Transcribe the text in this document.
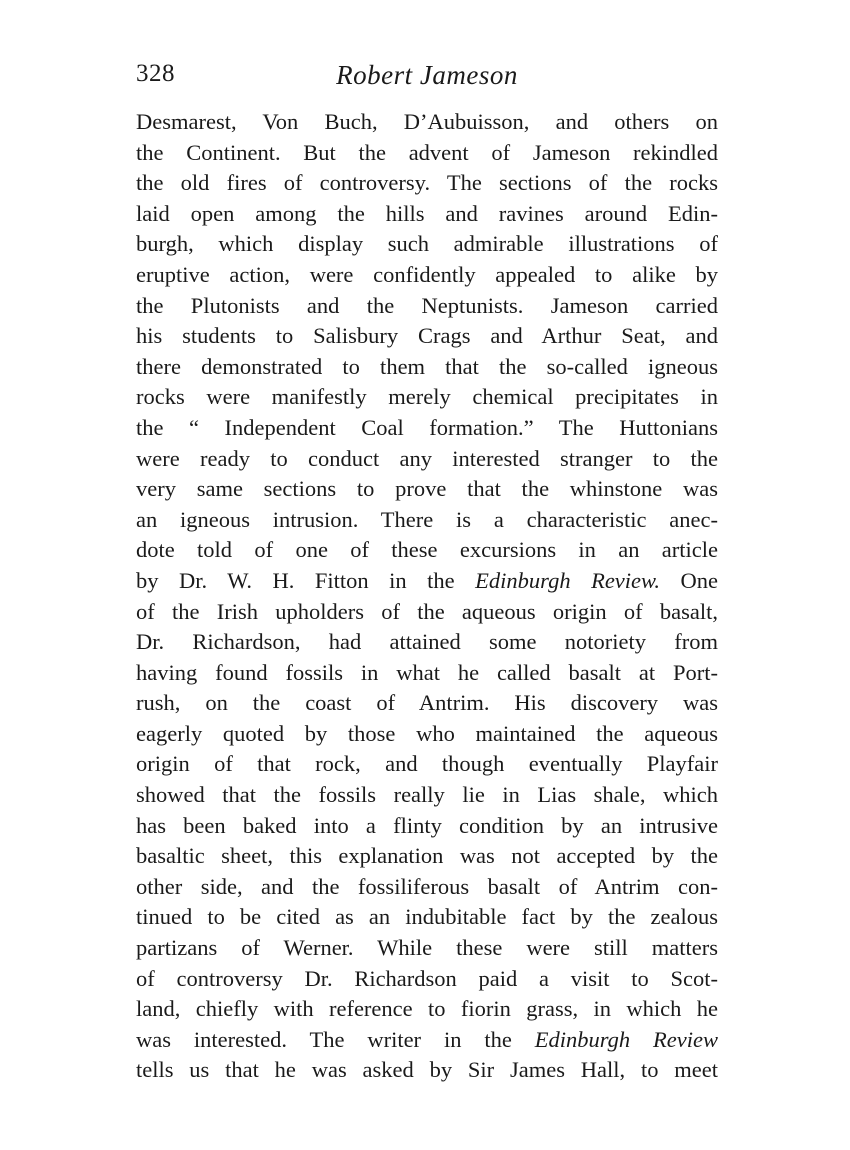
328	Robert Jameson
Desmarest, Von Buch, D’Aubuisson, and others on
the Continent. But the advent of Jameson rekindled
the old fires of controversy. The sections of the rocks
laid open among the hills and ravines around Edin-
burgh, which display such admirable illustrations of
eruptive action, were confidently appealed to alike by
the Plutonists and the Neptunists. Jameson carried
his students to Salisbury Crags and Arthur Seat, and
there demonstrated to them that the so-called igneous
rocks were manifestly merely chemical precipitates in
the “ Independent Coal formation.” The Huttonians
were ready to conduct any interested stranger to the
very same sections to prove that the whinstone was
an igneous intrusion. There is a characteristic anec-
dote told of one of these excursions in an article
by Dr. W. H. Fitton in the Edinburgh Review. One
of the Irish upholders of the aqueous origin of basalt,
Dr. Richardson, had attained some notoriety from
having found fossils in what he called basalt at Port-
rush, on the coast of Antrim. His discovery was
eagerly quoted by those who maintained the aqueous
origin of that rock, and though eventually Playfair
showed that the fossils really lie in Lias shale, which
has been baked into a flinty condition by an intrusive
basaltic sheet, this explanation was not accepted by the
other side, and the fossiliferous basalt of Antrim con-
tinued to be cited as an indubitable fact by the zealous
partizans of Werner. While these were still matters
of controversy Dr. Richardson paid a visit to Scot-
land, chiefly with reference to fiorin grass, in which he
was interested. The writer in the Edinburgh Review
tells us that he was asked by Sir James Hall, to meet
